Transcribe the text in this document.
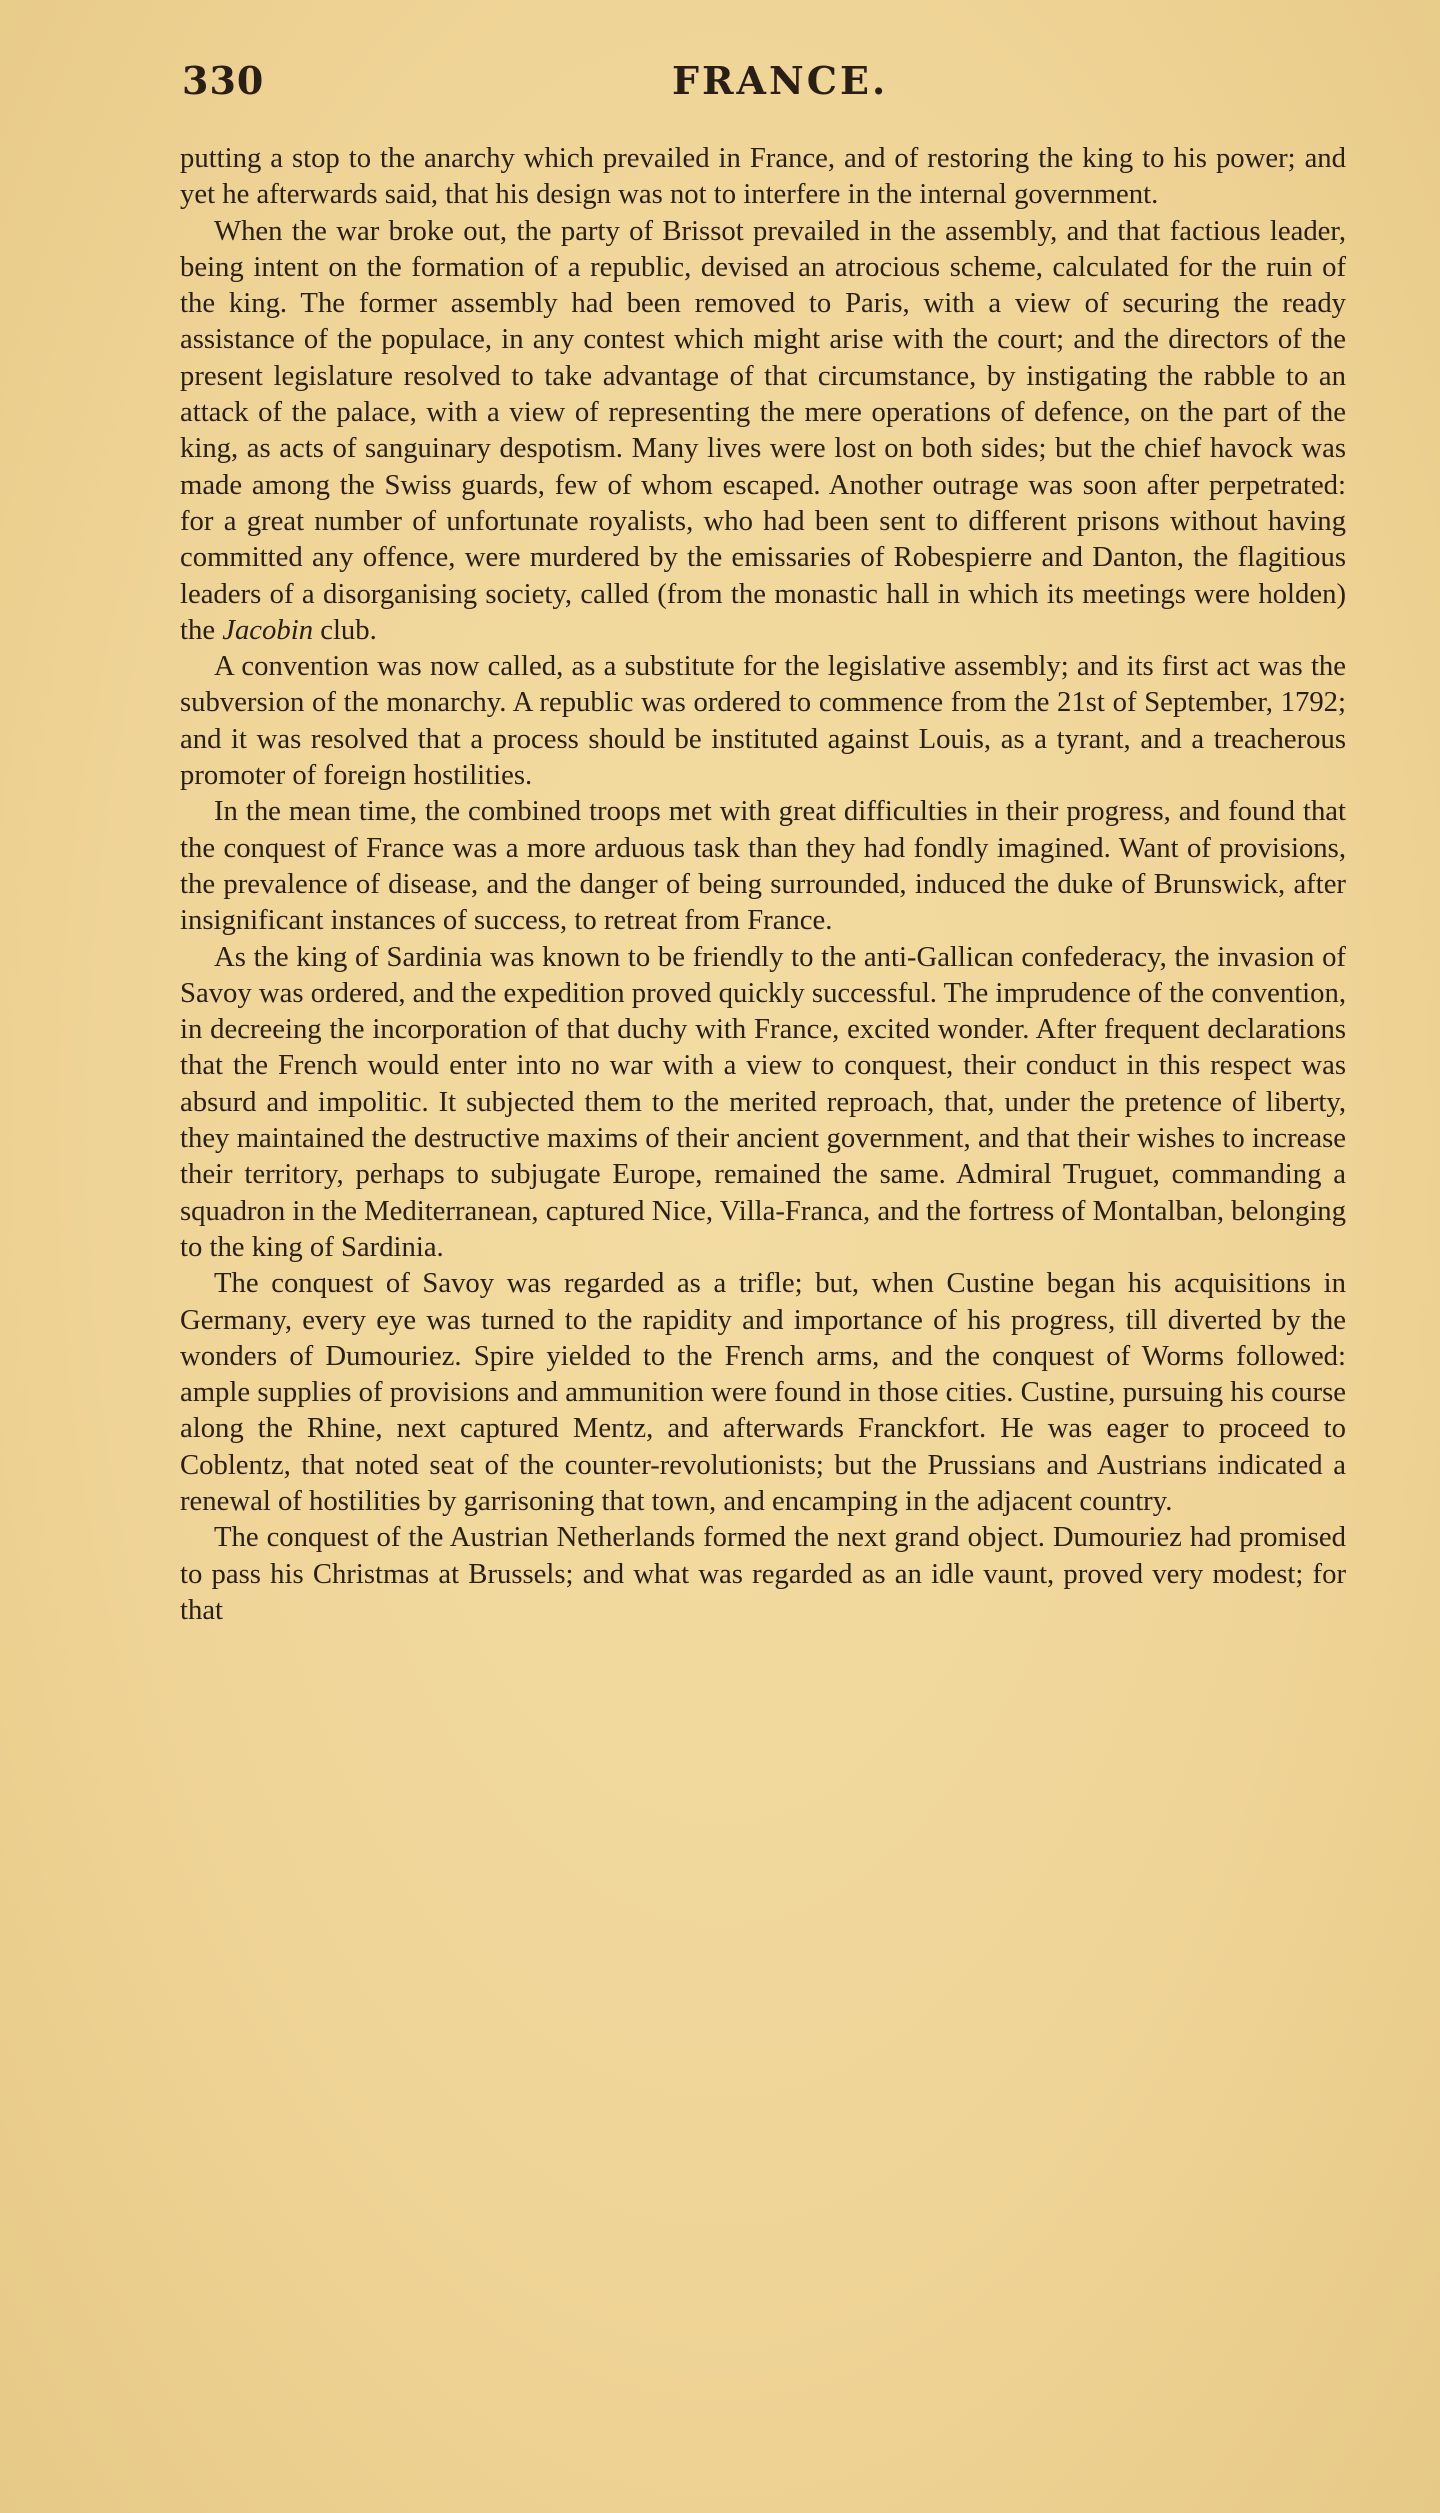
330	FRANCE.

putting a stop to the anarchy which prevailed in France, and of restoring the king to his power; and yet he afterwards said, that his design was not to interfere in the internal government.

When the war broke out, the party of Brissot prevailed in the assembly, and that factious leader, being intent on the formation of a republic, devised an atrocious scheme, calculated for the ruin of the king. The former assembly had been removed to Paris, with a view of securing the ready assistance of the populace, in any contest which might arise with the court; and the directors of the present legislature resolved to take advantage of that circumstance, by instigating the rabble to an attack of the palace, with a view of representing the mere operations of defence, on the part of the king, as acts of sanguinary despotism. Many lives were lost on both sides; but the chief havock was made among the Swiss guards, few of whom escaped. Another outrage was soon after perpetrated: for a great number of unfortunate royalists, who had been sent to different prisons without having committed any offence, were murdered by the emissaries of Robespierre and Danton, the flagitious leaders of a disorganising society, called (from the monastic hall in which its meetings were holden) the Jacobin club.

A convention was now called, as a substitute for the legislative assembly; and its first act was the subversion of the monarchy. A republic was ordered to commence from the 21st of September, 1792; and it was resolved that a process should be instituted against Louis, as a tyrant, and a treacherous promoter of foreign hostilities.

In the mean time, the combined troops met with great difficulties in their progress, and found that the conquest of France was a more arduous task than they had fondly imagined. Want of provisions, the prevalence of disease, and the danger of being surrounded, induced the duke of Brunswick, after insignificant instances of success, to retreat from France.

As the king of Sardinia was known to be friendly to the anti-Gallican confederacy, the invasion of Savoy was ordered, and the expedition proved quickly successful. The imprudence of the convention, in decreeing the incorporation of that duchy with France, excited wonder. After frequent declarations that the French would enter into no war with a view to conquest, their conduct in this respect was absurd and impolitic. It subjected them to the merited reproach, that, under the pretence of liberty, they maintained the destructive maxims of their ancient government, and that their wishes to increase their territory, perhaps to subjugate Europe, remained the same. Admiral Truguet, commanding a squadron in the Mediterranean, captured Nice, Villa-Franca, and the fortress of Montalban, belonging to the king of Sardinia.

The conquest of Savoy was regarded as a trifle; but, when Custine began his acquisitions in Germany, every eye was turned to the rapidity and importance of his progress, till diverted by the wonders of Dumouriez. Spire yielded to the French arms, and the conquest of Worms followed: ample supplies of provisions and ammunition were found in those cities. Custine, pursuing his course along the Rhine, next captured Mentz, and afterwards Franckfort. He was eager to proceed to Coblentz, that noted seat of the counter-revolutionists; but the Prussians and Austrians indicated a renewal of hostilities by garrisoning that town, and encamping in the adjacent country.

The conquest of the Austrian Netherlands formed the next grand object. Dumouriez had promised to pass his Christmas at Brussels; and what was regarded as an idle vaunt, proved very modest; for that
